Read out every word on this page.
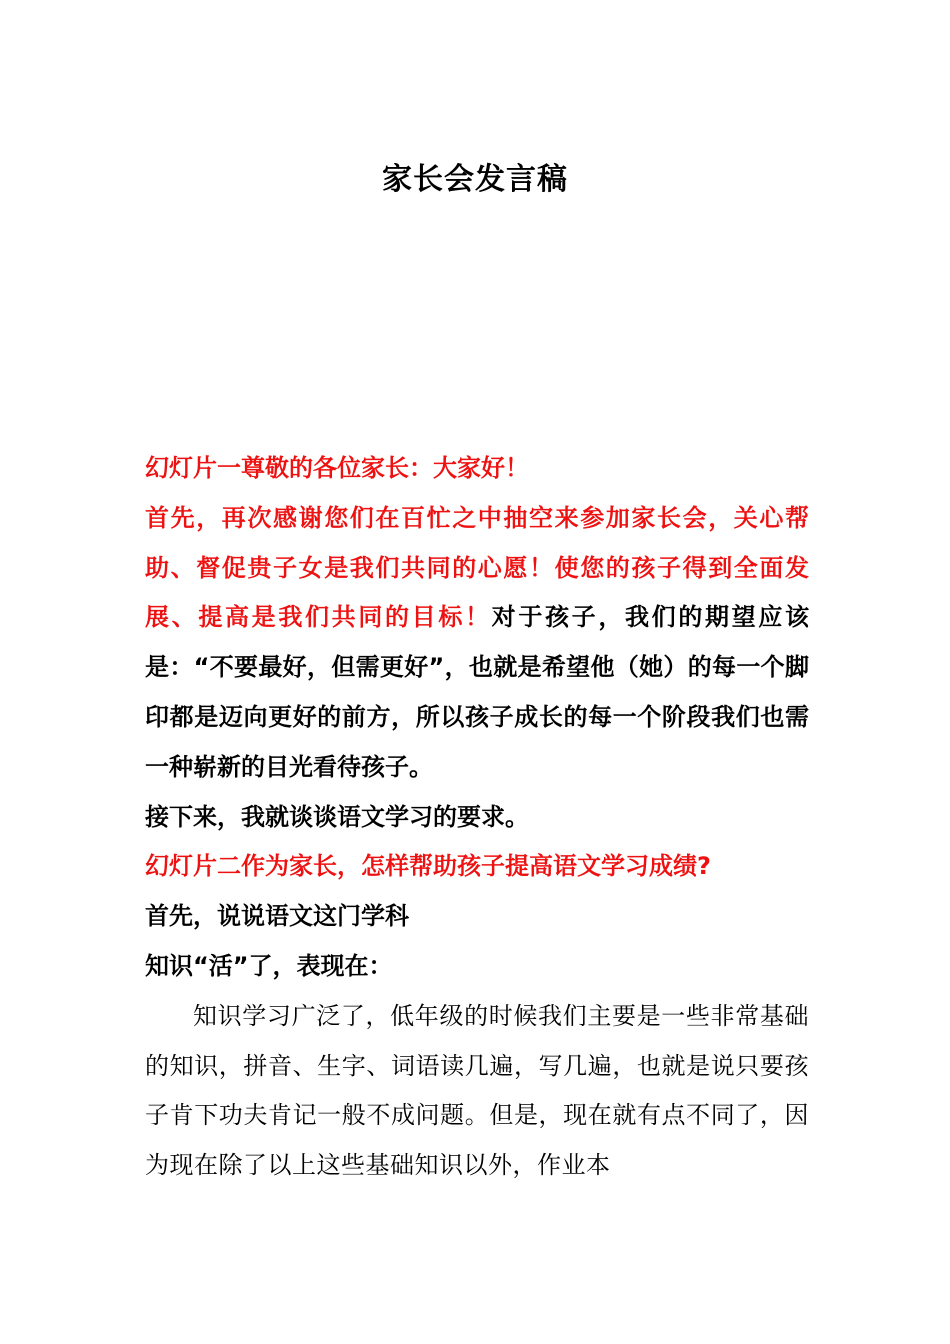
家长会发言稿

幻灯片一尊敬的各位家长：大家好！

首先，再次感谢您们在百忙之中抽空来参加家长会，关心帮助、督促贵子女是我们共同的心愿！使您的孩子得到全面发展、提高是我们共同的目标！对于孩子，我们的期望应该是：“不要最好，但需更好”，也就是希望他（她）的每一个脚印都是迈向更好的前方，所以孩子成长的每一个阶段我们也需一种崭新的目光看待孩子。

接下来，我就谈谈语文学习的要求。

幻灯片二作为家长，怎样帮助孩子提高语文学习成绩?

首先，说说语文这门学科

知识“活”了，表现在：

知识学习广泛了，低年级的时候我们主要是一些非常基础的知识，拼音、生字、词语读几遍，写几遍，也就是说只要孩子肯下功夫肯记一般不成问题。但是，现在就有点不同了，因为现在除了以上这些基础知识以外，作业本
